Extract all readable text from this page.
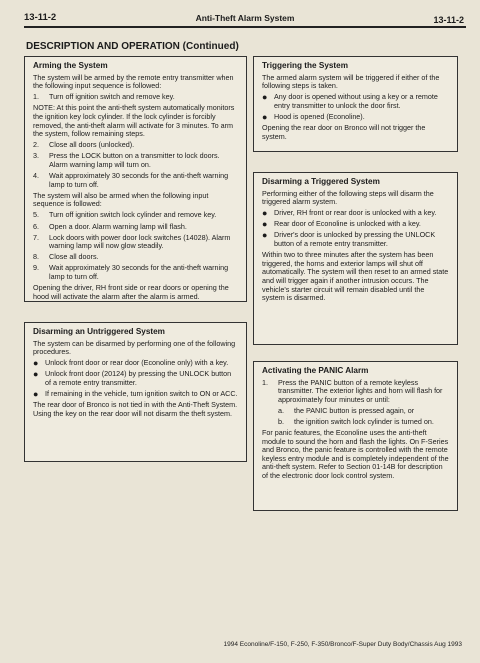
13-11-2	Anti-Theft Alarm System	13-11-2
DESCRIPTION AND OPERATION (Continued)
Arming the System

The system will be armed by the remote entry transmitter when the following input sequence is followed:

1.	Turn off ignition switch and remove key.

NOTE: At this point the anti-theft system automatically monitors the ignition key lock cylinder. If the lock cylinder is forcibly removed, the anti-theft alarm will activate for 3 minutes. To arm the system, follow remaining steps.

2.	Close all doors (unlocked).
3.	Press the LOCK button on a transmitter to lock doors. Alarm warning lamp will turn on.
4.	Wait approximately 30 seconds for the anti-theft warning lamp to turn off.

The system will also be armed when the following input sequence is followed:

5.	Turn off ignition switch lock cylinder and remove key.
6.	Open a door. Alarm warning lamp will flash.
7.	Lock doors with power door lock switches (14028). Alarm warning lamp will now glow steadily.
8.	Close all doors.
9.	Wait approximately 30 seconds for the anti-theft warning lamp to turn off.

Opening the driver, RH front side or rear doors or opening the hood will activate the alarm after the alarm is armed.

Disarming an Untriggered System

The system can be disarmed by performing one of the following procedures.

● Unlock front door or rear door (Econoline only) with a key.
● Unlock front door (20124) by pressing the UNLOCK button of a remote entry transmitter.
● If remaining in the vehicle, turn ignition switch to ON or ACC.

The rear door of Bronco is not tied in with the Anti-Theft System. Using the key on the rear door will not disarm the theft system.

Triggering the System

The armed alarm system will be triggered if either of the following steps is taken.

● Any door is opened without using a key or a remote entry transmitter to unlock the door first.
● Hood is opened (Econoline).

Opening the rear door on Bronco will not trigger the system.

Disarming a Triggered System

Performing either of the following steps will disarm the triggered alarm system.

● Driver, RH front or rear door is unlocked with a key.
● Rear door of Econoline is unlocked with a key.
● Driver's door is unlocked by pressing the UNLOCK button of a remote entry transmitter.

Within two to three minutes after the system has been triggered, the horns and exterior lamps will shut off automatically. The system will then reset to an armed state and will trigger again if another intrusion occurs. The vehicle's starter circuit will remain disabled until the system is disarmed.

Activating the PANIC Alarm
1.	Press the PANIC button of a remote keyless transmitter. The exterior lights and horn will flash for approximately four minutes or until:
a.	the PANIC button is pressed again, or
b.	the ignition switch lock cylinder is turned on.

For panic features, the Econoline uses the anti-theft module to sound the horn and flash the lights. On F-Series and Bronco, the panic feature is controlled with the remote keyless entry module and is completely independent of the anti-theft system. Refer to Section 01-14B for description of the electronic door lock control system.

1994 Econoline/F-150, F-250, F-350/Bronco/F-Super Duty Body/Chassis Aug 1993
